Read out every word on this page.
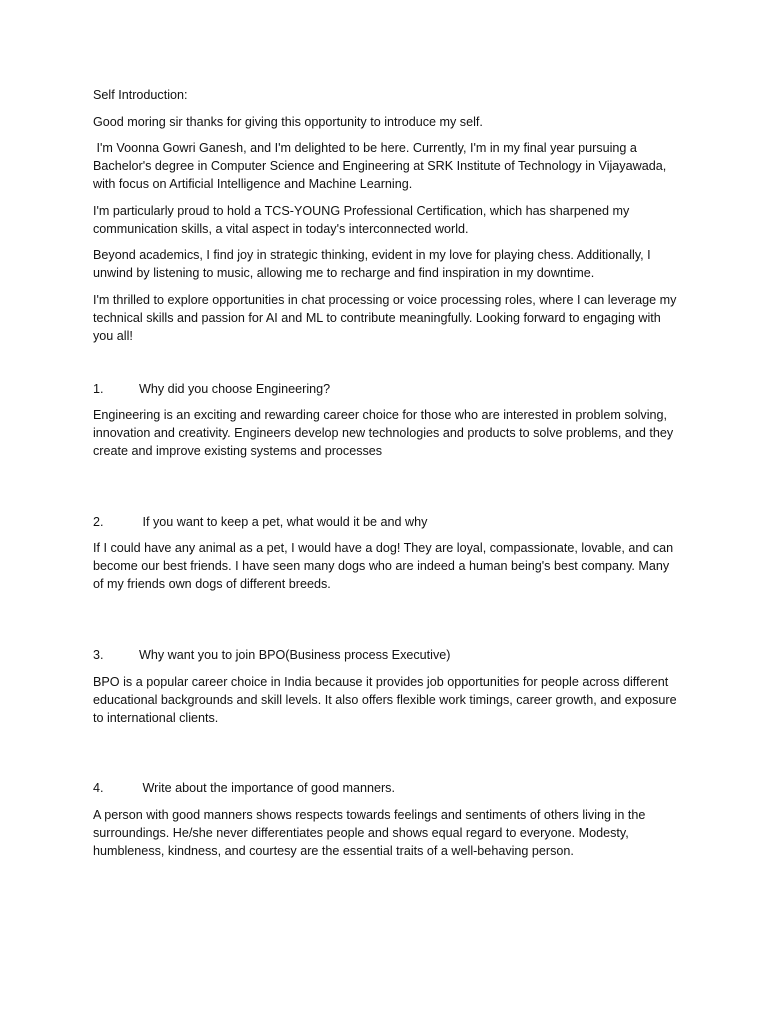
Self Introduction:

Good moring sir thanks for giving this opportunity to introduce my self.

I'm Voonna Gowri Ganesh, and I'm delighted to be here. Currently, I'm in my final year pursuing a Bachelor's degree in Computer Science and Engineering at SRK Institute of Technology in Vijayawada, with focus on Artificial Intelligence and Machine Learning.

I'm particularly proud to hold a TCS-YOUNG Professional Certification, which has sharpened my communication skills, a vital aspect in today's interconnected world.

Beyond academics, I find joy in strategic thinking, evident in my love for playing chess. Additionally, I unwind by listening to music, allowing me to recharge and find inspiration in my downtime.

I'm thrilled to explore opportunities in chat processing or voice processing roles, where I can leverage my technical skills and passion for AI and ML to contribute meaningfully. Looking forward to engaging with you all!

1.	Why did you choose Engineering?

Engineering is an exciting and rewarding career choice for those who are interested in problem solving, innovation and creativity. Engineers develop new technologies and products to solve problems, and they create and improve existing systems and processes

2.	If you want to keep a pet, what would it be and why

If I could have any animal as a pet, I would have a dog! They are loyal, compassionate, lovable, and can become our best friends. I have seen many dogs who are indeed a human being's best company. Many of my friends own dogs of different breeds.

3.	Why want you to join BPO(Business process Executive)

BPO is a popular career choice in India because it provides job opportunities for people across different educational backgrounds and skill levels. It also offers flexible work timings, career growth, and exposure to international clients.

4.	Write about the importance of good manners.

A person with good manners shows respects towards feelings and sentiments of others living in the surroundings. He/she never differentiates people and shows equal regard to everyone. Modesty, humbleness, kindness, and courtesy are the essential traits of a well-behaving person.
